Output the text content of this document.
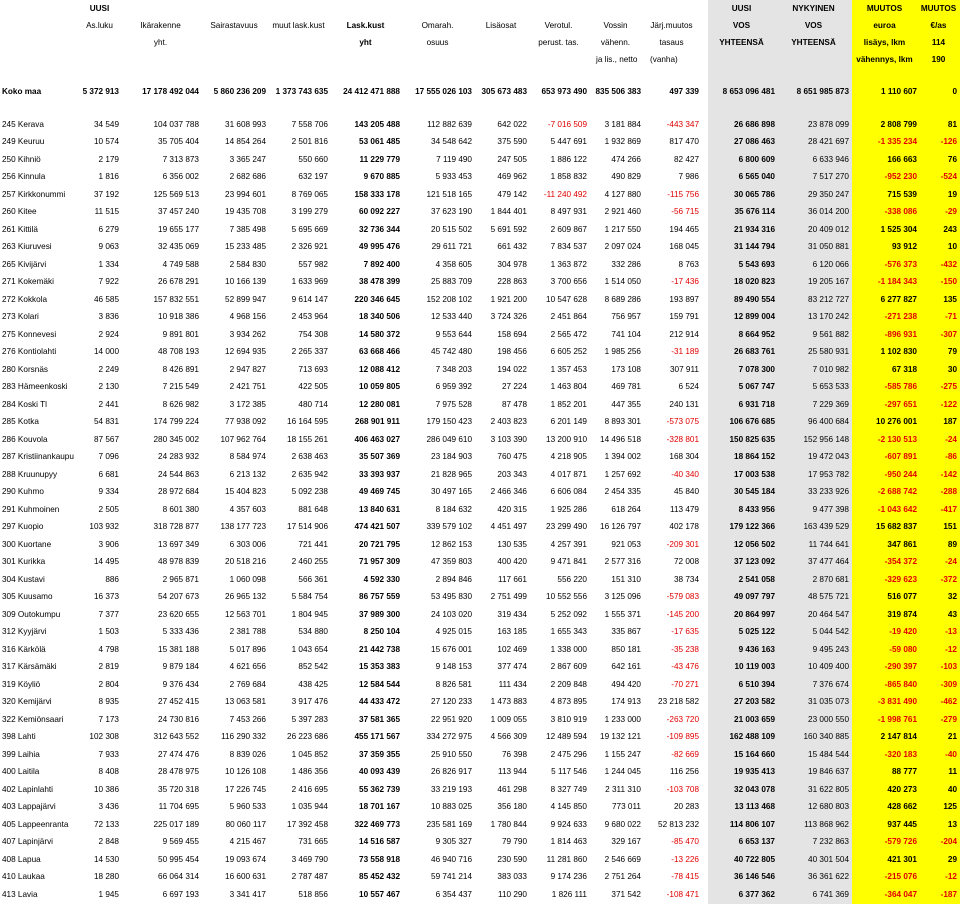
	UUSI											UUSI	NYKYINEN	MUUTOS	MUUTOS
	As.luku	Ikärakenne	Sairastavuus	muut lask.kust	Lask.kust	Omarah.	Lisäosat	Verotul.	Vossin	Järj.muutos		VOS	VOS	euroa	€/as
		yht.			yht	osuus		perust. tas.	vähenn.	tasaus		YHTEENSÄ	YHTEENSÄ	lisäys, lkm	114
									ja lis., netto	(vanha)				vähennys, lkm	190

Koko maa	5 372 913	17 178 492 044	5 860 236 209	1 373 743 635	24 412 471 888	17 555 026 103	305 673 483	653 973 490	835 506 383	497 339		8 653 096 481	8 651 985 873	1 110 607	0

245 Kerava	34 549	104 037 788	31 608 993	7 558 706	143 205 488	112 882 639	642 022	-7 016 509	3 181 884	-443 347		26 686 898	23 878 099	2 808 799	81
249 Keuruu	10 574	35 705 404	14 854 264	2 501 816	53 061 485	34 548 642	375 590	5 447 691	1 932 869	817 470		27 086 463	28 421 697	-1 335 234	-126
250 Kihniö	2 179	7 313 873	3 365 247	550 660	11 229 779	7 119 490	247 505	1 886 122	474 266	82 427		6 800 609	6 633 946	166 663	76
256 Kinnula	1 816	6 356 002	2 682 686	632 197	9 670 885	5 933 453	469 962	1 858 832	490 829	7 986		6 565 040	7 517 270	-952 230	-524
257 Kirkkonummi	37 192	125 569 513	23 994 601	8 769 065	158 333 178	121 518 165	479 142	-11 240 492	4 127 880	-115 756		30 065 786	29 350 247	715 539	19
260 Kitee	11 515	37 457 240	19 435 708	3 199 279	60 092 227	37 623 190	1 844 401	8 497 931	2 921 460	-56 715		35 676 114	36 014 200	-338 086	-29
261 Kittilä	6 279	19 655 177	7 385 498	5 695 669	32 736 344	20 515 502	5 691 592	2 609 867	1 217 550	194 465		21 934 316	20 409 012	1 525 304	243
263 Kiuruvesi	9 063	32 435 069	15 233 485	2 326 921	49 995 476	29 611 721	661 432	7 834 537	2 097 024	168 045		31 144 794	31 050 881	93 912	10
265 Kivijärvi	1 334	4 749 588	2 584 830	557 982	7 892 400	4 358 605	304 978	1 363 872	332 286	8 763		5 543 693	6 120 066	-576 373	-432
271 Kokemäki	7 922	26 678 291	10 166 139	1 633 969	38 478 399	25 883 709	228 863	3 700 656	1 514 050	-17 436		18 020 823	19 205 167	-1 184 343	-150
272 Kokkola	46 585	157 832 551	52 899 947	9 614 147	220 346 645	152 208 102	1 921 200	10 547 628	8 689 286	193 897		89 490 554	83 212 727	6 277 827	135
273 Kolari	3 836	10 918 386	4 968 156	2 453 964	18 340 506	12 533 440	3 724 326	2 451 864	756 957	159 791		12 899 004	13 170 242	-271 238	-71
275 Konnevesi	2 924	9 891 801	3 934 262	754 308	14 580 372	9 553 644	158 694	2 565 472	741 104	212 914		8 664 952	9 561 882	-896 931	-307
276 Kontiolahti	14 000	48 708 193	12 694 935	2 265 337	63 668 466	45 742 480	198 456	6 605 252	1 985 256	-31 189		26 683 761	25 580 931	1 102 830	79
280 Korsnäs	2 249	8 426 891	2 947 827	713 693	12 088 412	7 348 203	194 022	1 357 453	173 108	307 911		7 078 300	7 010 982	67 318	30
283 Hämeenkoski	2 130	7 215 549	2 421 751	422 505	10 059 805	6 959 392	27 224	1 463 804	469 781	6 524		5 067 747	5 653 533	-585 786	-275
284 Koski Tl	2 441	8 626 982	3 172 385	480 714	12 280 081	7 975 528	87 478	1 852 201	447 355	240 131		6 931 718	7 229 369	-297 651	-122
285 Kotka	54 831	174 799 224	77 938 092	16 164 595	268 901 911	179 150 423	2 403 823	6 201 149	8 893 301	-573 075		106 676 685	96 400 684	10 276 001	187
286 Kouvola	87 567	280 345 002	107 962 764	18 155 261	406 463 027	286 049 610	3 103 390	13 200 910	14 496 518	-328 801		150 825 635	152 956 148	-2 130 513	-24
287 Kristiinankaupu	7 096	24 283 932	8 584 974	2 638 463	35 507 369	23 184 903	760 475	4 218 905	1 394 002	168 304		18 864 152	19 472 043	-607 891	-86
288 Kruunupyy	6 681	24 544 863	6 213 132	2 635 942	33 393 937	21 828 965	203 343	4 017 871	1 257 692	-40 340		17 003 538	17 953 782	-950 244	-142
290 Kuhmo	9 334	28 972 684	15 404 823	5 092 238	49 469 745	30 497 165	2 466 346	6 606 084	2 454 335	45 840		30 545 184	33 233 926	-2 688 742	-288
291 Kuhmoinen	2 505	8 601 380	4 357 603	881 648	13 840 631	8 184 632	420 315	1 925 286	618 264	113 479		8 433 956	9 477 398	-1 043 642	-417
297 Kuopio	103 932	318 728 877	138 177 723	17 514 906	474 421 507	339 579 102	4 451 497	23 299 490	16 126 797	402 178		179 122 366	163 439 529	15 682 837	151
300 Kuortane	3 906	13 697 349	6 303 006	721 441	20 721 795	12 862 153	130 535	4 257 391	921 053	-209 301		12 056 502	11 744 641	347 861	89
301 Kurikka	14 495	48 978 839	20 518 216	2 460 255	71 957 309	47 359 803	400 420	9 471 841	2 577 316	72 008		37 123 092	37 477 464	-354 372	-24
304 Kustavi	886	2 965 871	1 060 098	566 361	4 592 330	2 894 846	117 661	556 220	151 310	38 734		2 541 058	2 870 681	-329 623	-372
305 Kuusamo	16 373	54 207 673	26 965 132	5 584 754	86 757 559	53 495 830	2 751 499	10 552 556	3 125 096	-579 083		49 097 797	48 575 721	516 077	32
309 Outokumpu	7 377	23 620 655	12 563 701	1 804 945	37 989 300	24 103 020	319 434	5 252 092	1 555 371	-145 200		20 864 997	20 464 547	319 874	43
312 Kyyjärvi	1 503	5 333 436	2 381 788	534 880	8 250 104	4 925 015	163 185	1 655 343	335 867	-17 635		5 025 122	5 044 542	-19 420	-13
316 Kärkölä	4 798	15 381 188	5 017 896	1 043 654	21 442 738	15 676 001	102 469	1 338 000	850 181	-35 238		9 436 163	9 495 243	-59 080	-12
317 Kärsämäki	2 819	9 879 184	4 621 656	852 542	15 353 383	9 148 153	377 474	2 867 609	642 161	-43 476		10 119 003	10 409 400	-290 397	-103
319 Köyliö	2 804	9 376 434	2 769 684	438 425	12 584 544	8 826 581	111 434	2 209 848	494 420	-70 271		6 510 394	7 376 674	-865 840	-309
320 Kemijärvi	8 935	27 452 415	13 063 581	3 917 476	44 433 472	27 120 233	1 473 883	4 873 895	174 913	23 218 582		27 203 582	31 035 073	-3 831 490	-462
322 Kemiönsaari	7 173	24 730 816	7 453 266	5 397 283	37 581 365	22 951 920	1 009 055	3 810 919	1 233 000	-263 720		21 003 659	23 000 550	-1 998 761	-279
398 Lahti	102 308	312 643 552	116 290 332	26 223 686	455 171 567	334 272 975	4 566 309	12 489 594	19 132 121	-109 895		162 488 109	160 340 885	2 147 814	21
399 Laihia	7 933	27 474 476	8 839 026	1 045 852	37 359 355	25 910 550	76 398	2 475 296	1 155 247	-82 669		15 164 660	15 484 544	-320 183	-40
400 Laitila	8 408	28 478 975	10 126 108	1 486 356	40 093 439	26 826 917	113 944	5 117 546	1 244 045	116 256		19 935 413	19 846 637	88 777	11
402 Lapinlahti	10 386	35 720 318	17 226 745	2 416 695	55 362 739	33 219 193	461 298	8 327 749	2 311 310	-103 708		32 043 078	31 622 805	420 273	40
403 Lappajärvi	3 436	11 704 695	5 960 533	1 035 944	18 701 167	10 883 025	356 180	4 145 850	773 011	20 283		13 113 468	12 680 803	428 662	125
405 Lappeenranta	72 133	225 017 189	80 060 117	17 392 458	322 469 773	235 581 169	1 780 844	9 924 633	9 680 022	52 813 232		114 806 107	113 868 962	937 445	13
407 Lapinjärvi	2 848	9 569 455	4 215 467	731 665	14 516 587	9 305 327	79 790	1 814 463	329 167	-85 470		6 653 137	7 232 863	-579 726	-204
408 Lapua	14 530	50 995 454	19 093 674	3 469 790	73 558 918	46 940 716	230 590	11 281 860	2 546 669	-13 226		40 722 805	40 301 504	421 301	29
410 Laukaa	18 280	66 064 314	16 600 631	2 787 487	85 452 432	59 741 214	383 033	9 174 236	2 751 264	-78 415		36 146 546	36 361 622	-215 076	-12
413 Lavia	1 945	6 697 193	3 341 417	518 856	10 557 467	6 354 437	110 290	1 826 111	371 542	-108 471		6 377 362	6 741 369	-364 047	-187
